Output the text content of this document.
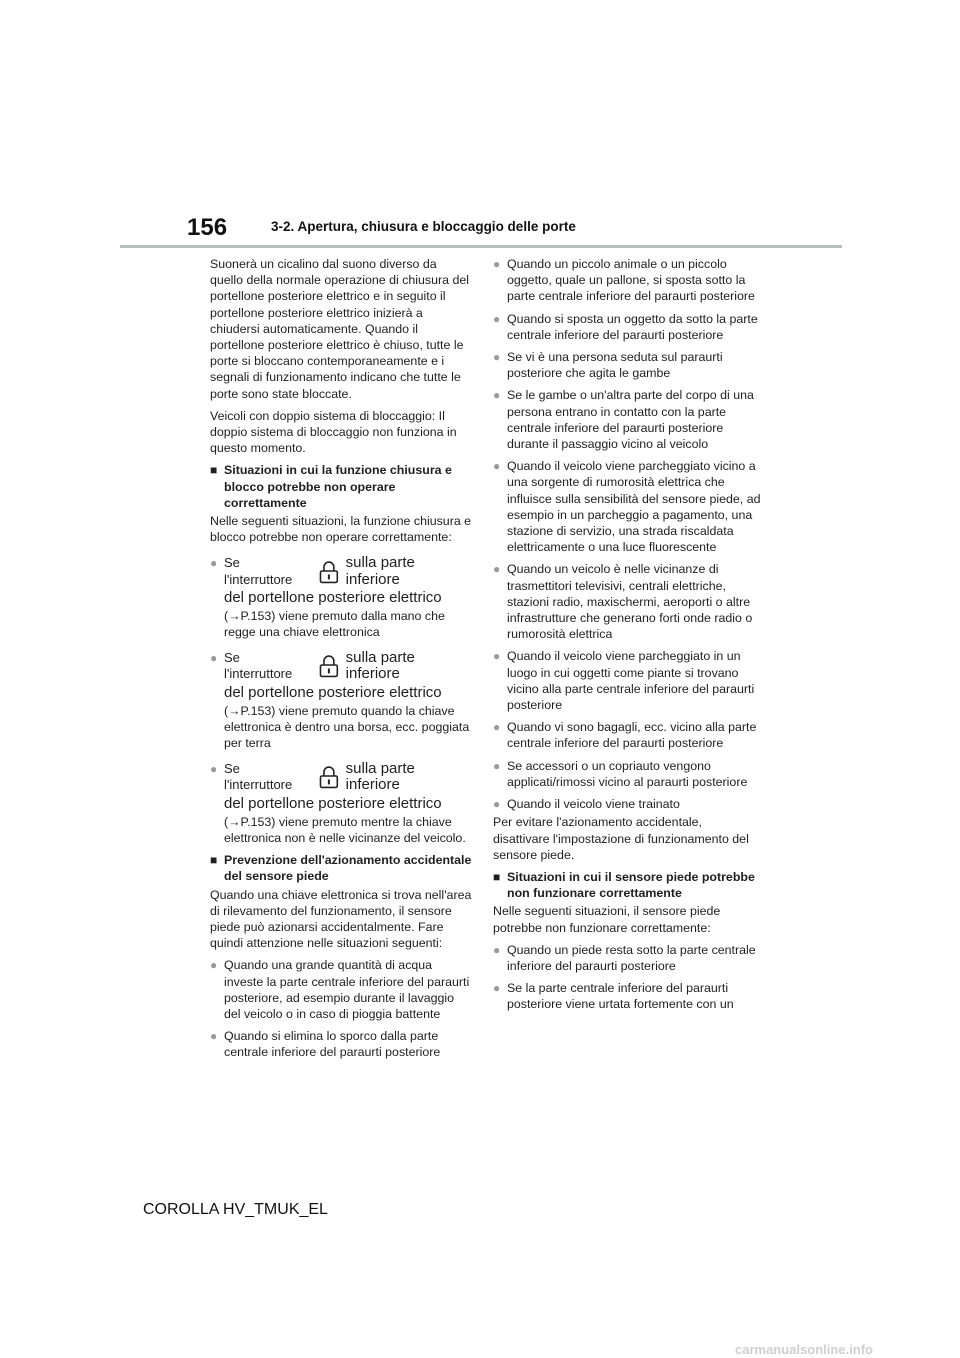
156	3-2. Apertura, chiusura e bloccaggio delle porte

Suonerà un cicalino dal suono diverso da quello della normale operazione di chiusura del portellone posteriore elettrico e in seguito il portellone posteriore elettrico inizierà a chiudersi automaticamente. Quando il portellone posteriore elettrico è chiuso, tutte le porte si bloccano contemporaneamente e i segnali di funzionamento indicano che tutte le porte sono state bloccate.

Veicoli con doppio sistema di bloccaggio: Il doppio sistema di bloccaggio non funziona in questo momento.

■ Situazioni in cui la funzione chiusura e blocco potrebbe non operare correttamente

Nelle seguenti situazioni, la funzione chiusura e blocco potrebbe non operare correttamente:

● Se l'interruttore
sulla parte inferiore
del portellone posteriore elettrico
(→P.153) viene premuto dalla mano che regge una chiave elettronica
● Se l'interruttore
sulla parte inferiore
del portellone posteriore elettrico
(→P.153) viene premuto quando la chiave elettronica è dentro una borsa, ecc. poggiata per terra
● Se l'interruttore
sulla parte inferiore
del portellone posteriore elettrico
(→P.153) viene premuto mentre la chiave elettronica non è nelle vicinanze del veicolo.
■ Prevenzione dell'azionamento accidentale del sensore piede

Quando una chiave elettronica si trova nell'area di rilevamento del funzionamento, il sensore piede può azionarsi accidentalmente. Fare quindi attenzione nelle situazioni seguenti:

● Quando una grande quantità di acqua investe la parte centrale inferiore del paraurti posteriore, ad esempio durante il lavaggio del veicolo o in caso di pioggia battente
● Quando si elimina lo sporco dalla parte centrale inferiore del paraurti posteriore
● Quando un piccolo animale o un piccolo oggetto, quale un pallone, si sposta sotto la parte centrale inferiore del paraurti posteriore
● Quando si sposta un oggetto da sotto la parte centrale inferiore del paraurti posteriore
● Se vi è una persona seduta sul paraurti posteriore che agita le gambe
● Se le gambe o un'altra parte del corpo di una persona entrano in contatto con la parte centrale inferiore del paraurti posteriore durante il passaggio vicino al veicolo
● Quando il veicolo viene parcheggiato vicino a una sorgente di rumorosità elettrica che influisce sulla sensibilità del sensore piede, ad esempio in un parcheggio a pagamento, una stazione di servizio, una strada riscaldata elettricamente o una luce fluorescente
● Quando un veicolo è nelle vicinanze di trasmettitori televisivi, centrali elettriche, stazioni radio, maxischermi, aeroporti o altre infrastrutture che generano forti onde radio o rumorosità elettrica
● Quando il veicolo viene parcheggiato in un luogo in cui oggetti come piante si trovano vicino alla parte centrale inferiore del paraurti posteriore
● Quando vi sono bagagli, ecc. vicino alla parte centrale inferiore del paraurti posteriore
● Se accessori o un copriauto vengono applicati/rimossi vicino al paraurti posteriore
● Quando il veicolo viene trainato

Per evitare l'azionamento accidentale, disattivare l'impostazione di funzionamento del sensore piede.

■ Situazioni in cui il sensore piede potrebbe non funzionare correttamente

Nelle seguenti situazioni, il sensore piede potrebbe non funzionare correttamente:

● Quando un piede resta sotto la parte centrale inferiore del paraurti posteriore
● Se la parte centrale inferiore del paraurti posteriore viene urtata fortemente con un
COROLLA HV_TMUK_EL
carmanualsonline.info
